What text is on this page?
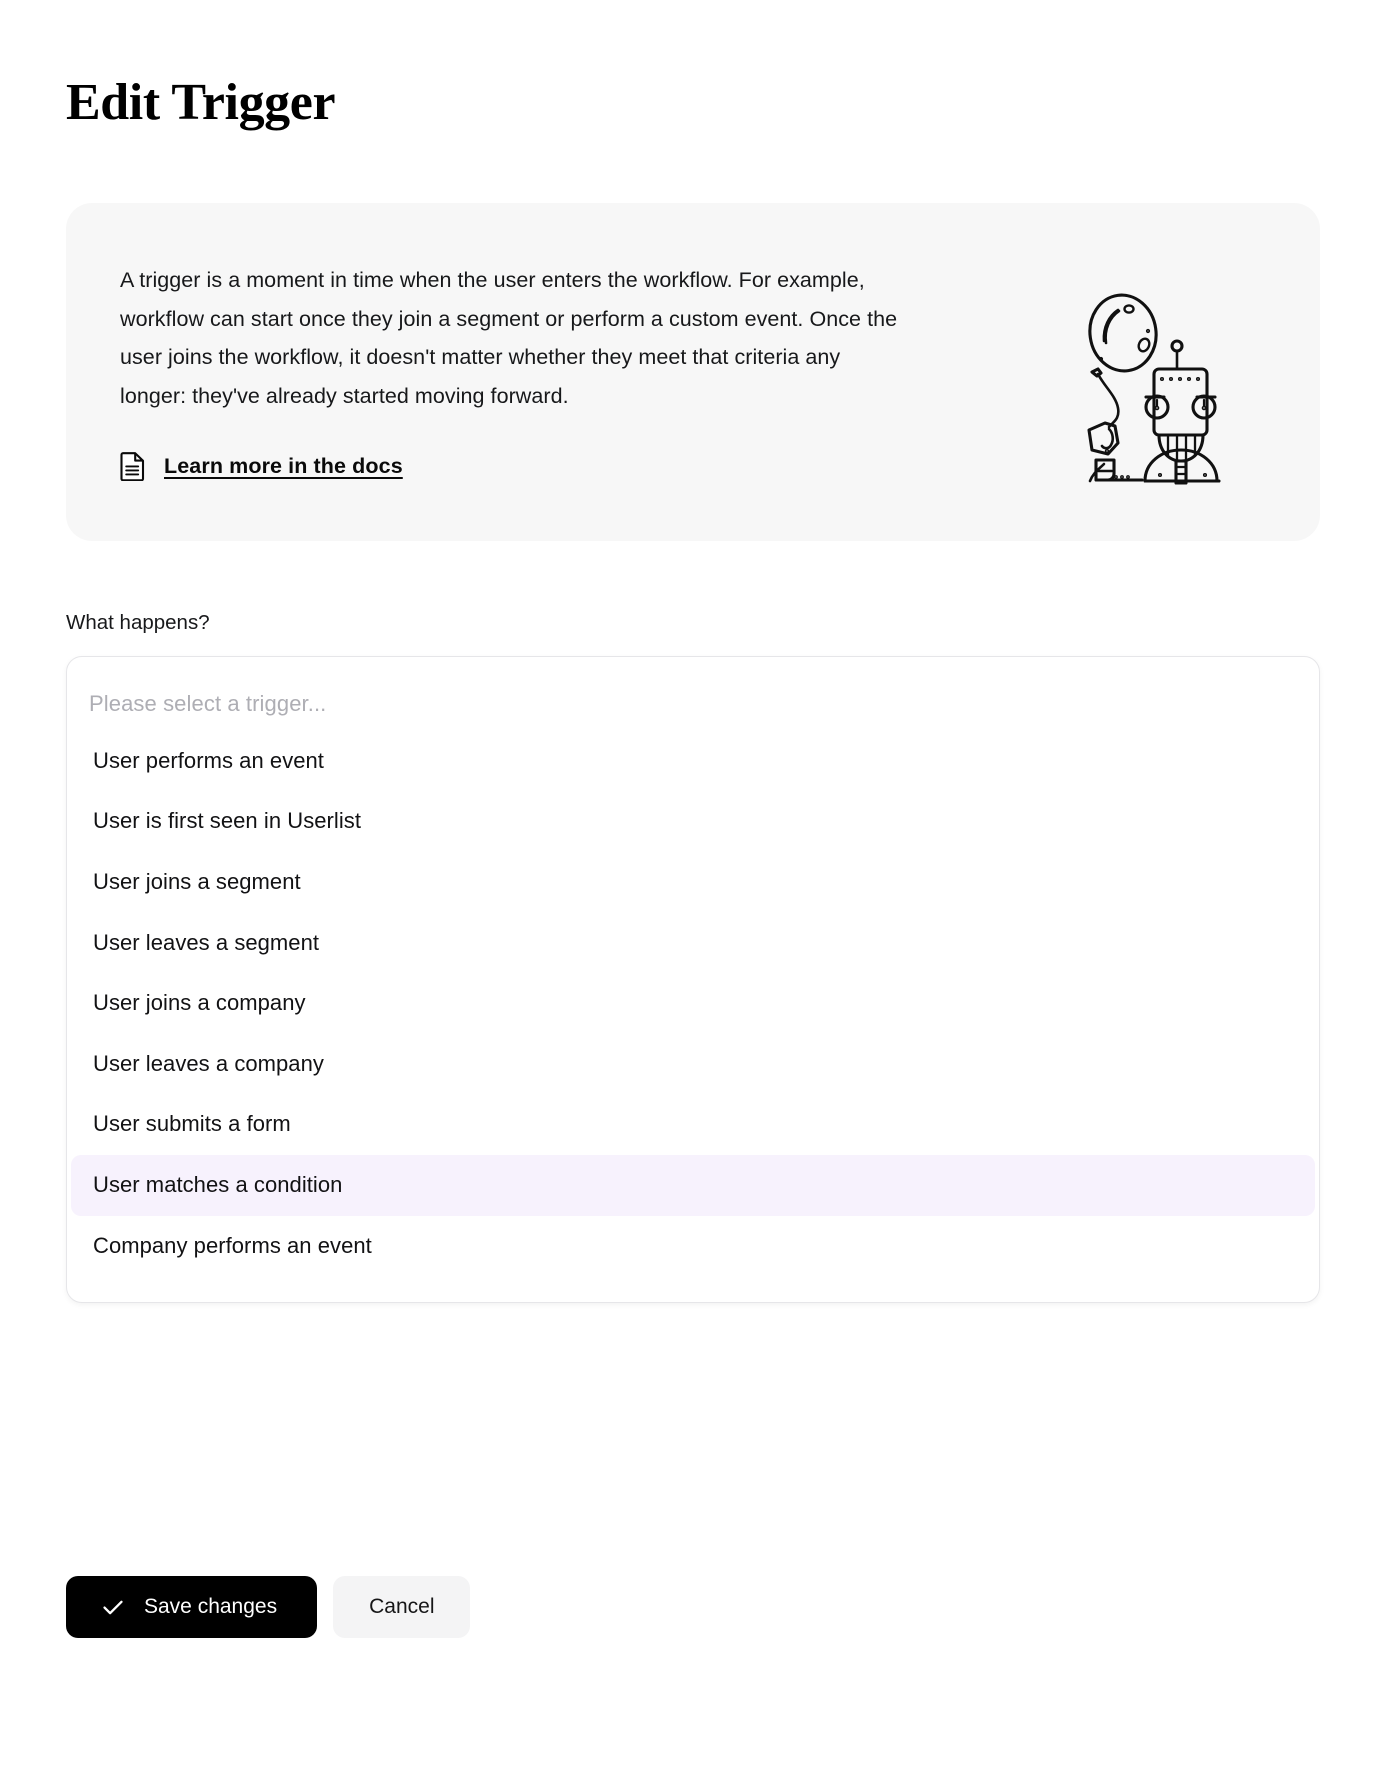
Edit Trigger

A trigger is a moment in time when the user enters the workflow. For example, workflow can start once they join a segment or perform a custom event. Once the user joins the workflow, it doesn't matter whether they meet that criteria any longer: they've already started moving forward.

Learn more in the docs
What happens?
Please select a trigger...
User performs an event
User is first seen in Userlist
User joins a segment
User leaves a segment
User joins a company
User leaves a company
User submits a form
User matches a condition
Company performs an event
Save changes	Cancel
